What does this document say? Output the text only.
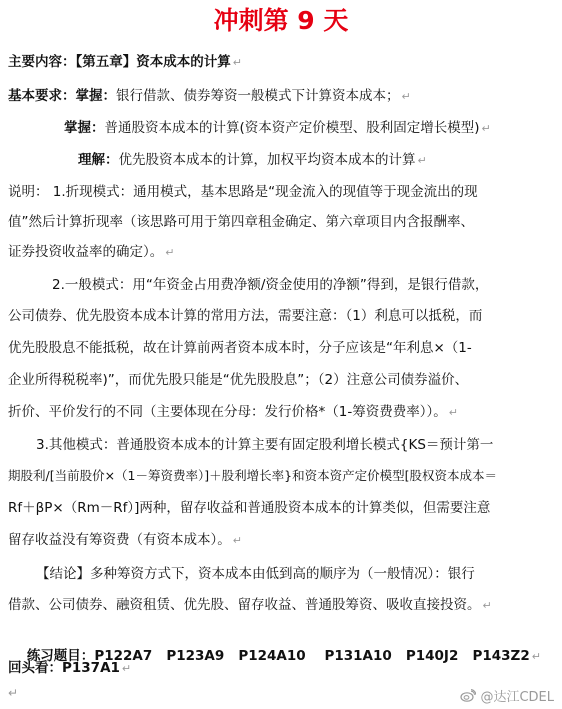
冲刺第 9 天
主要内容：【第五章】资本成本的计算 ↵
基本要求：掌握：银行借款、债券筹资一般模式下计算资本成本； ↵
掌握：普通股资本成本的计算(资本资产定价模型、股利固定增长模型) ↵
理解：优先股资本成本的计算，加权平均资本成本的计算 ↵
说明： 1.折现模式：通用模式，基本思路是“现金流入的现值等于现金流出的现
值”然后计算折现率（该思路可用于第四章租金确定、第六章项目内含报酬率、
证券投资收益率的确定）。 ↵
2.一般模式：用“年资金占用费净额/资金使用的净额”得到，是银行借款，
公司债券、优先股资本成本计算的常用方法，需要注意：（1）利息可以抵税，而
优先股股息不能抵税，故在计算前两者资本成本时，分子应该是“年利息×（1-
企业所得税税率)”，而优先股只能是“优先股股息”；（2）注意公司债券溢价、
折价、平价发行的不同（主要体现在分母：发行价格*（1-筹资费费率））。 ↵
3.其他模式：普通股资本成本的计算主要有固定股利增长模式{KS＝预计第一
期股利/[当前股价×（1－筹资费率）]＋股利增长率}和资本资产定价模型[股权资本成本＝
Rf＋βP×（Rm－Rf）]两种，留存收益和普通股资本成本的计算类似，但需要注意
留存收益没有筹资费（有资本成本）。 ↵
【结论】多种筹资方式下，资本成本由低到高的顺序为（一般情况）：银行
借款、公司债券、融资租赁、优先股、留存收益、普通股筹资、吸收直接投资。 ↵

练习题目：P122A7   P123A9   P124A10    P131A10   P140J2   P143Z2 ↵

回头看：P137A1 ↵
↵	@达江CDEL
